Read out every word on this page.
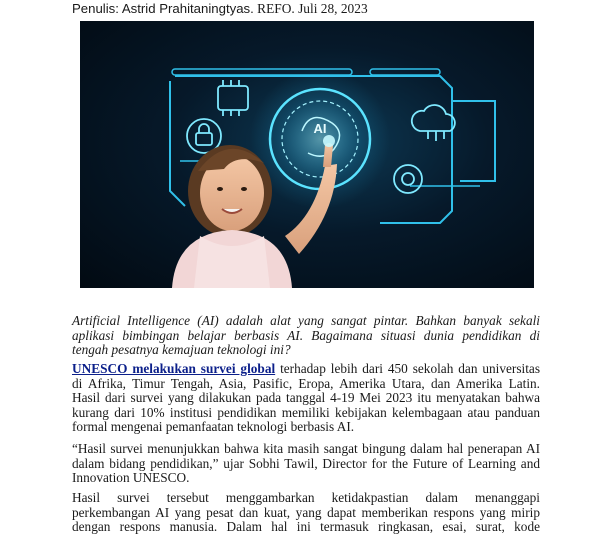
Penulis: Astrid Prahitaningtyas. REFO. Juli 28, 2023
AI
Artificial Intelligence (AI) adalah alat yang sangat pintar. Bahkan banyak sekali
aplikasi bimbingan belajar berbasis AI. Bagaimana situasi dunia pendidikan di
tengah pesatnya kemajuan teknologi ini?
UNESCO melakukan survei global terhadap lebih dari 450 sekolah dan universitas
di Afrika, Timur Tengah, Asia, Pasific, Eropa, Amerika Utara, dan Amerika Latin.
Hasil dari survei yang dilakukan pada tanggal 4-19 Mei 2023 itu menyatakan bahwa
kurang dari 10% institusi pendidikan memiliki kebijakan kelembagaan atau panduan
formal mengenai pemanfaatan teknologi berbasis AI.
“Hasil survei menunjukkan bahwa kita masih sangat bingung dalam hal penerapan AI
dalam bidang pendidikan,” ujar Sobhi Tawil, Director for the Future of Learning and
Innovation UNESCO.
Hasil survei tersebut menggambarkan ketidakpastian dalam menanggapi
perkembangan AI yang pesat dan kuat, yang dapat memberikan respons yang mirip
dengan respons manusia. Dalam hal ini termasuk ringkasan, esai, surat, kode
